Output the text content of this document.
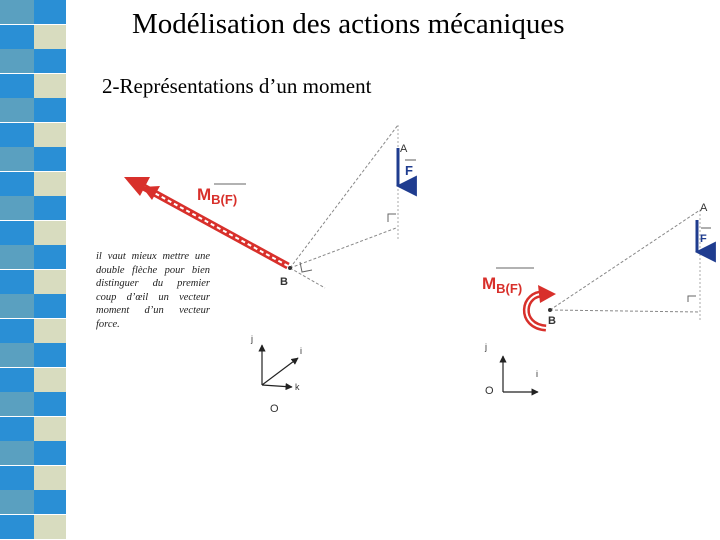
Modélisation des actions mécaniques
2-Représentations d’un moment
A
F
$M_{B(F)}$
B
j
i
k
O
A
F
$M_{B(F)}$
B
j
i
O
il vaut mieux mettre une double flèche pour bien distinguer du premier coup d’œil un vecteur moment d’un vecteur force.
